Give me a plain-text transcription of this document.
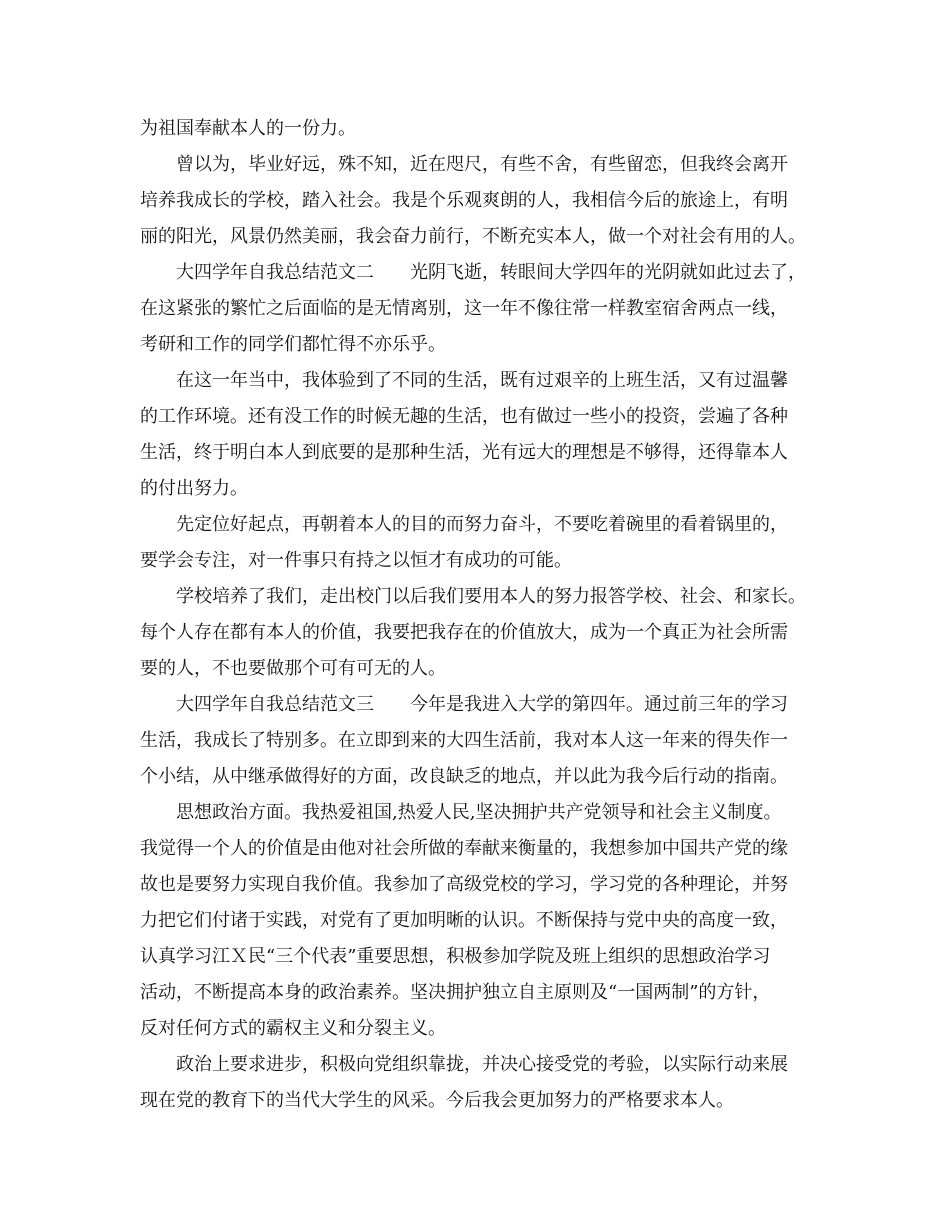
为祖国奉献本人的一份力。
曾以为，毕业好远，殊不知，近在咫尺，有些不舍，有些留恋，但我终会离开
培养我成长的学校，踏入社会。我是个乐观爽朗的人，我相信今后的旅途上，有明
丽的阳光，风景仍然美丽，我会奋力前行，不断充实本人，做一个对社会有用的人。
大四学年自我总结范文二　　光阴飞逝，转眼间大学四年的光阴就如此过去了，
在这紧张的繁忙之后面临的是无情离别，这一年不像往常一样教室宿舍两点一线，
考研和工作的同学们都忙得不亦乐乎。
在这一年当中，我体验到了不同的生活，既有过艰辛的上班生活，又有过温馨
的工作环境。还有没工作的时候无趣的生活，也有做过一些小的投资，尝遍了各种
生活，终于明白本人到底要的是那种生活，光有远大的理想是不够得，还得靠本人
的付出努力。
先定位好起点，再朝着本人的目的而努力奋斗，不要吃着碗里的看着锅里的，
要学会专注，对一件事只有持之以恒才有成功的可能。
学校培养了我们，走出校门以后我们要用本人的努力报答学校、社会、和家长。
每个人存在都有本人的价值，我要把我存在的价值放大，成为一个真正为社会所需
要的人，不也要做那个可有可无的人。
大四学年自我总结范文三　　今年是我进入大学的第四年。通过前三年的学习
生活，我成长了特别多。在立即到来的大四生活前，我对本人这一年来的得失作一
个小结，从中继承做得好的方面，改良缺乏的地点，并以此为我今后行动的指南。
思想政治方面。我热爱祖国,热爱人民,坚决拥护共产党领导和社会主义制度。
我觉得一个人的价值是由他对社会所做的奉献来衡量的，我想参加中国共产党的缘
故也是要努力实现自我价值。我参加了高级党校的学习，学习党的各种理论，并努
力把它们付诸于实践，对党有了更加明晰的认识。不断保持与党中央的高度一致，
认真学习江Ｘ民“三个代表”重要思想，积极参加学院及班上组织的思想政治学习
活动，不断提高本身的政治素养。坚决拥护独立自主原则及“一国两制”的方针，
反对任何方式的霸权主义和分裂主义。
政治上要求进步，积极向党组织靠拢，并决心接受党的考验，以实际行动来展
现在党的教育下的当代大学生的风采。今后我会更加努力的严格要求本人。
